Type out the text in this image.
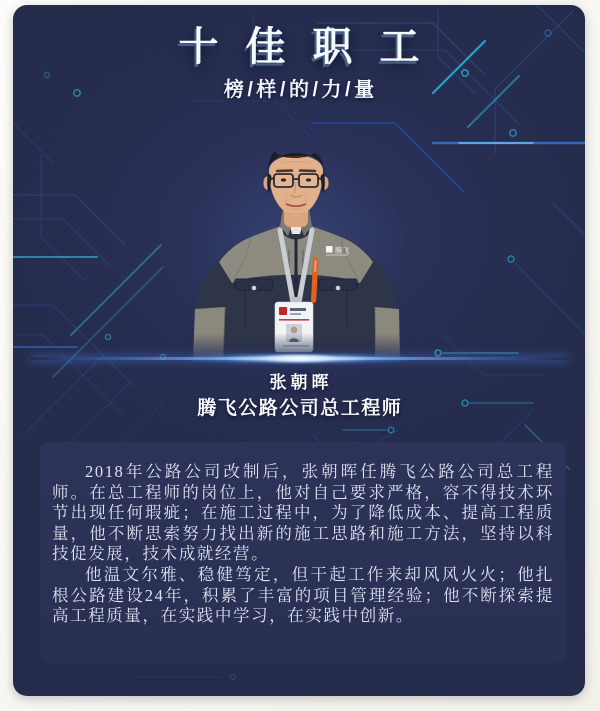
十佳职工
榜/样/的/力/量
腾飞
张朝晖
腾飞公路公司总工程师

2018年公路公司改制后，张朝晖任腾飞公路公司总工程师。在总工程师的岗位上，他对自己要求严格，容不得技术环节出现任何瑕疵；在施工过程中，为了降低成本、提高工程质量，他不断思索努力找出新的施工思路和施工方法，坚持以科技促发展，技术成就经营。

他温文尔雅、稳健笃定，但干起工作来却风风火火；他扎根公路建设24年，积累了丰富的项目管理经验；他不断探索提高工程质量，在实践中学习，在实践中创新。
